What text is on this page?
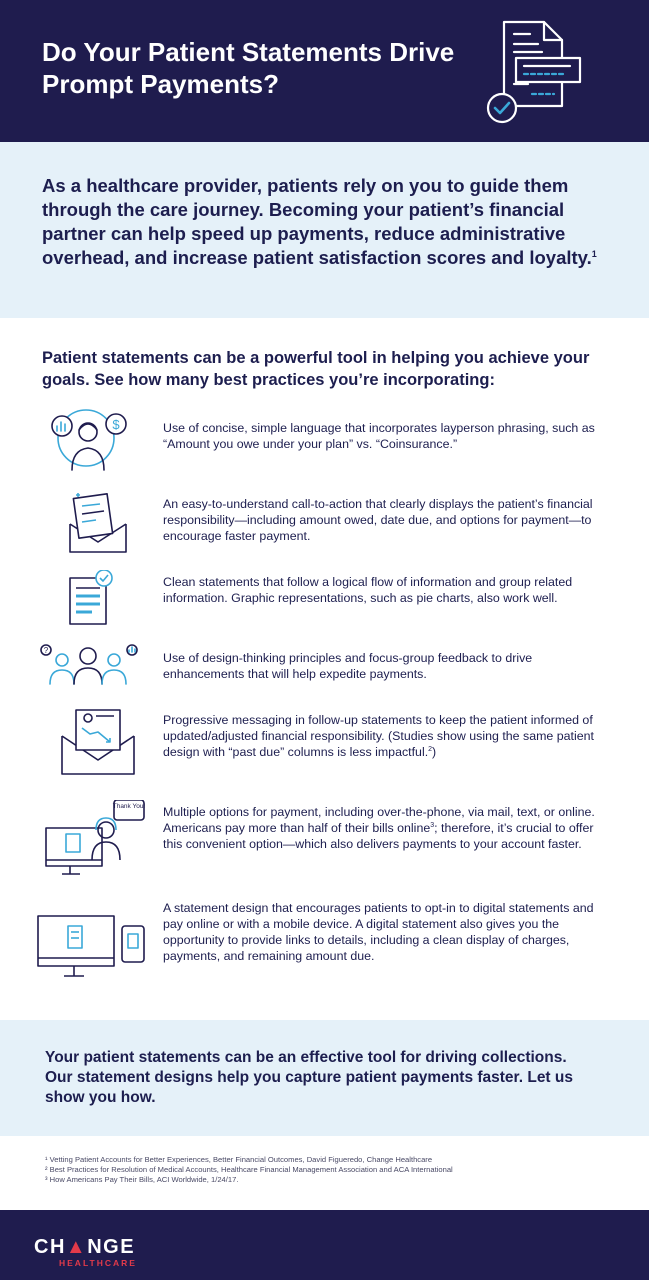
Do Your Patient Statements Drive Prompt Payments?

As a healthcare provider, patients rely on you to guide them through the care journey. Becoming your patient’s financial partner can help speed up payments, reduce administrative overhead, and increase patient satisfaction scores and loyalty.$^1$

Patient statements can be a powerful tool in helping you achieve your goals. See how many best practices you’re incorporating:
$	Use of concise, simple language that incorporates layperson phrasing, such as “Amount you owe under your plan” vs. “Coinsurance.”
An easy-to-understand call-to-action that clearly displays the patient’s financial responsibility—including amount owed, date due, and options for payment—to encourage faster payment.
Clean statements that follow a logical flow of information and group related information. Graphic representations, such as pie charts, also work well.
?
Use of design-thinking principles and focus-group feedback to drive enhancements that will help expedite payments.
Progressive messaging in follow-up statements to keep the patient informed of updated/adjusted financial responsibility. (Studies show using the same patient design with “past due” columns is less impactful.$^2$)
Thank You! Multiple options for payment, including over-the-phone, via mail, text, or online. Americans pay more than half of their bills online$^3$; therefore, it’s crucial to offer this convenient option—which also delivers payments to your account faster.
A statement design that encourages patients to opt-in to digital statements and pay online or with a mobile device. A digital statement also gives you the opportunity to provide links to details, including a clean display of charges, payments, and remaining amount due.

Your patient statements can be an effective tool for driving collections. Our statement designs help you capture patient payments faster. Let us show you how.

¹ Vetting Patient Accounts for Better Experiences, Better Financial Outcomes, David Figueredo, Change Healthcare
² Best Practices for Resolution of Medical Accounts, Healthcare Financial Management Association and ACA International
³ How Americans Pay Their Bills, ACI Worldwide, 1/24/17.
CH▲NGE
HEALTHCARE
